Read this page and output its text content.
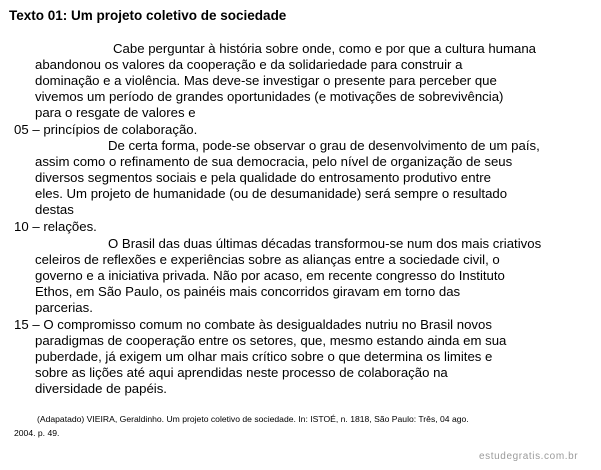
Texto 01: Um projeto coletivo de sociedade
Cabe perguntar à história sobre onde, como e por que a cultura humana
abandonou os valores da cooperação e da solidariedade para construir a
dominação e a violência. Mas deve-se investigar o presente para perceber que
vivemos um período de grandes oportunidades (e motivações de sobrevivência)
para o resgate de valores e
05 – princípios de colaboração.
De certa forma, pode-se observar o grau de desenvolvimento de um país,
assim como o refinamento de sua democracia, pelo nível de organização de seus
diversos segmentos sociais e pela qualidade do entrosamento produtivo entre
eles. Um projeto de humanidade (ou de desumanidade) será sempre o resultado
destas
10 – relações.
O Brasil das duas últimas décadas transformou-se num dos mais criativos
celeiros de reflexões e experiências sobre as alianças entre a sociedade civil, o
governo e a iniciativa privada. Não por acaso, em recente congresso do Instituto
Ethos, em São Paulo, os painéis mais concorridos giravam em torno das
parcerias.
15 – O compromisso comum no combate às desigualdades nutriu no Brasil novos
paradigmas de cooperação entre os setores, que, mesmo estando ainda em sua
puberdade, já exigem um olhar mais crítico sobre o que determina os limites e
sobre as lições até aqui aprendidas neste processo de colaboração na
diversidade de papéis.
(Adapatado) VIEIRA, Geraldinho. Um projeto coletivo de sociedade. In: ISTOÉ, n. 1818, São Paulo: Três, 04 ago.
2004. p. 49.
estudegratis.com.br
